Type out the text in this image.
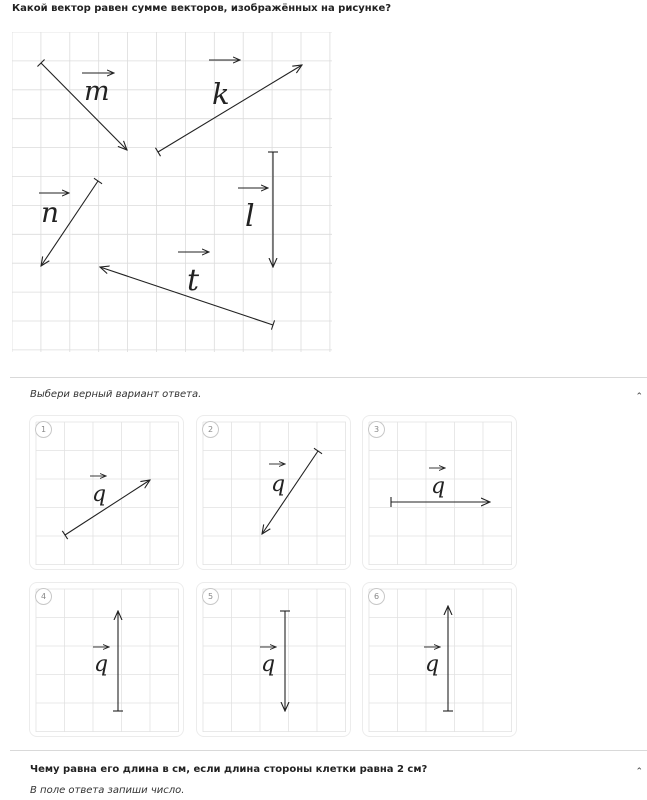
Какой вектор равен сумме векторов, изображённых на рисунке?
m	k
n	l
t
Выбери верный вариант ответа.	⌃
q
1
q
2
q
3
q
4
q
5
q
6
Чему равна его длина в см, если длина стороны клетки равна 2 см?	⌃
В поле ответа запиши число.
